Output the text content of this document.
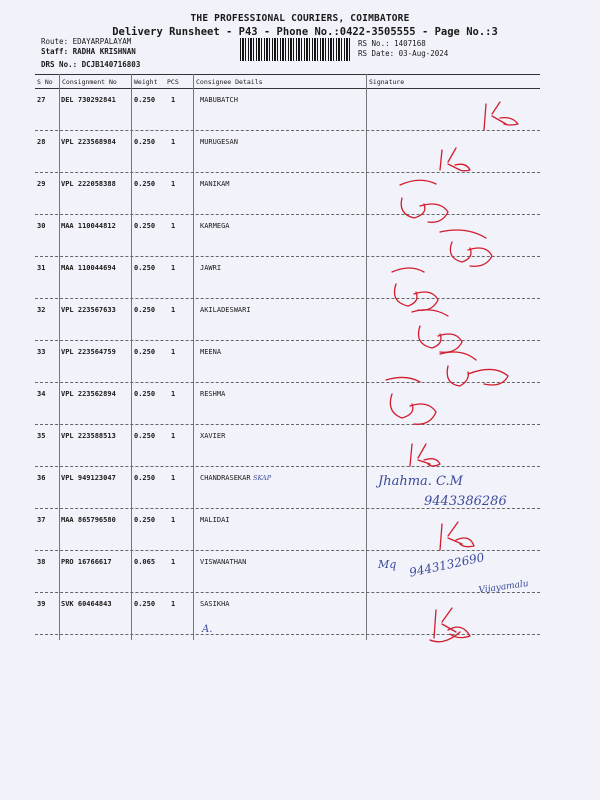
THE PROFESSIONAL COURIERS, COIMBATORE
Delivery Runsheet - P43 - Phone No.:0422-3505555 - Page No.:3
Route: EDAYARPALAYAM
Staff: RADHA KRISHNAN
DRS No.: DCJB140716803
RS No.: 1407168
RS Date: 03-Aug-2024
S No Consignment No	Weight PCS	Consignee Details	Signature
27 DEL 730292841	0.250 1	MABUBATCH
28 VPL 223568984	0.250 1	MURUGESAN
29 VPL 222058388	0.250 1	MANIKAM
30 MAA 110044812	0.250 1	KARMEGA
31 MAA 110044694	0.250 1	JAWRI
32 VPL 223567633	0.250 1	AKILADESWARI
33 VPL 223564759	0.250 1	MEENA
34 VPL 223562894	0.250 1	RESHMA
35 VPL 223588513	0.250 1	XAVIER
36 VPL 949123047	0.250 1	CHANDRASEKAR
37 MAA 865796580	0.250 1	MALIDAI
38 PRO 16766617	0.065 1	VISWANATHAN
39 SVK 60464843	0.250 1	SASIKHA
SKAP	Jhahma. C.M
9443386286
Mq 9443132690
Vijayamalu
A.
